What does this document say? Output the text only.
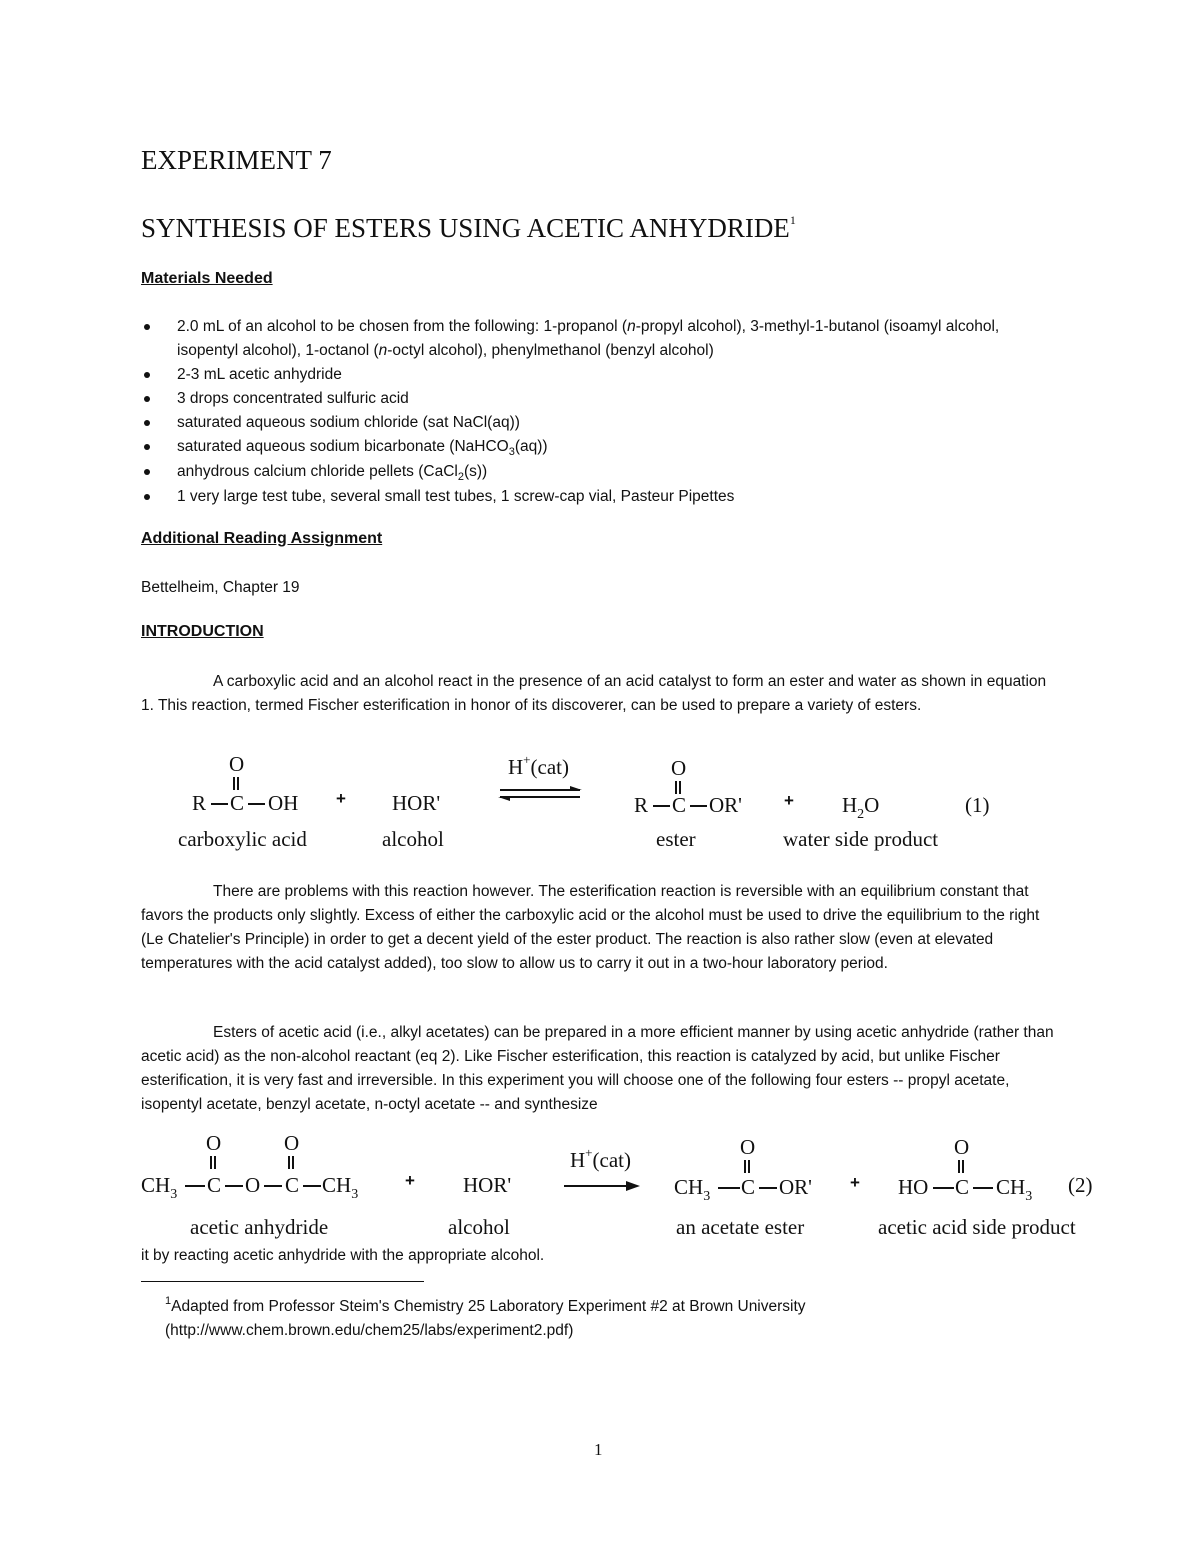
EXPERIMENT 7
SYNTHESIS OF ESTERS USING ACETIC ANHYDRIDE$^1$
Materials Needed
2.0 mL of an alcohol to be chosen from the following: 1-propanol (n-propyl alcohol), 3-methyl-1-butanol (isoamyl alcohol, isopentyl alcohol), 1-octanol (n-octyl alcohol), phenylmethanol (benzyl alcohol)
2-3 mL acetic anhydride
3 drops concentrated sulfuric acid
saturated aqueous sodium chloride (sat NaCl(aq))
saturated aqueous sodium bicarbonate (NaHCO$_3$(aq))
anhydrous calcium chloride pellets (CaCl$_2$(s))
1 very large test tube, several small test tubes, 1 screw-cap vial, Pasteur Pipettes
Additional Reading Assignment
Bettelheim, Chapter 19
INTRODUCTION

A carboxylic acid and an alcohol react in the presence of an acid catalyst to form an ester and water as shown in equation 1. This reaction, termed Fischer esterification in honor of its discoverer, can be used to prepare a variety of esters.

O
R C OH + HOR'
H+(cat)	O
R C $OR' + H_2O$	(1)
carboxylic acid	alcohol	ester	water side product

There are problems with this reaction however. The esterification reaction is reversible with an equilibrium constant that favors the products only slightly. Excess of either the carboxylic acid or the alcohol must be used to drive the equilibrium to the right (Le Chatelier's Principle) in order to get a decent yield of the ester product. The reaction is also rather slow (even at elevated temperatures with the acid catalyst added), too slow to allow us to carry it out in a two-hour laboratory period.

Esters of acetic acid (i.e., alkyl acetates) can be prepared in a more efficient manner by using acetic anhydride (rather than acetic acid) as the non-alcohol reactant (eq 2). Like Fischer esterification, this reaction is catalyzed by acid, but unlike Fischer esterification, it is very fast and irreversible. In this experiment you will choose one of the following four esters -- propyl acetate, isopentyl acetate, benzyl acetate, n-octyl acetate -- and synthesize

O	O
$CH_3$ C O C $CH_3$
+ HOR'
H+(cat)
O
$CH_3$ C OR' +
O
HO C $CH_3$ (2)
acetic anhydride	alcohol	an acetate ester	acetic acid side product

it by reacting acetic anhydride with the appropriate alcohol.

$^1$Adapted from Professor Steim's Chemistry 25 Laboratory Experiment #2 at Brown University
(http://www.chem.brown.edu/chem25/labs/experiment2.pdf)
1
